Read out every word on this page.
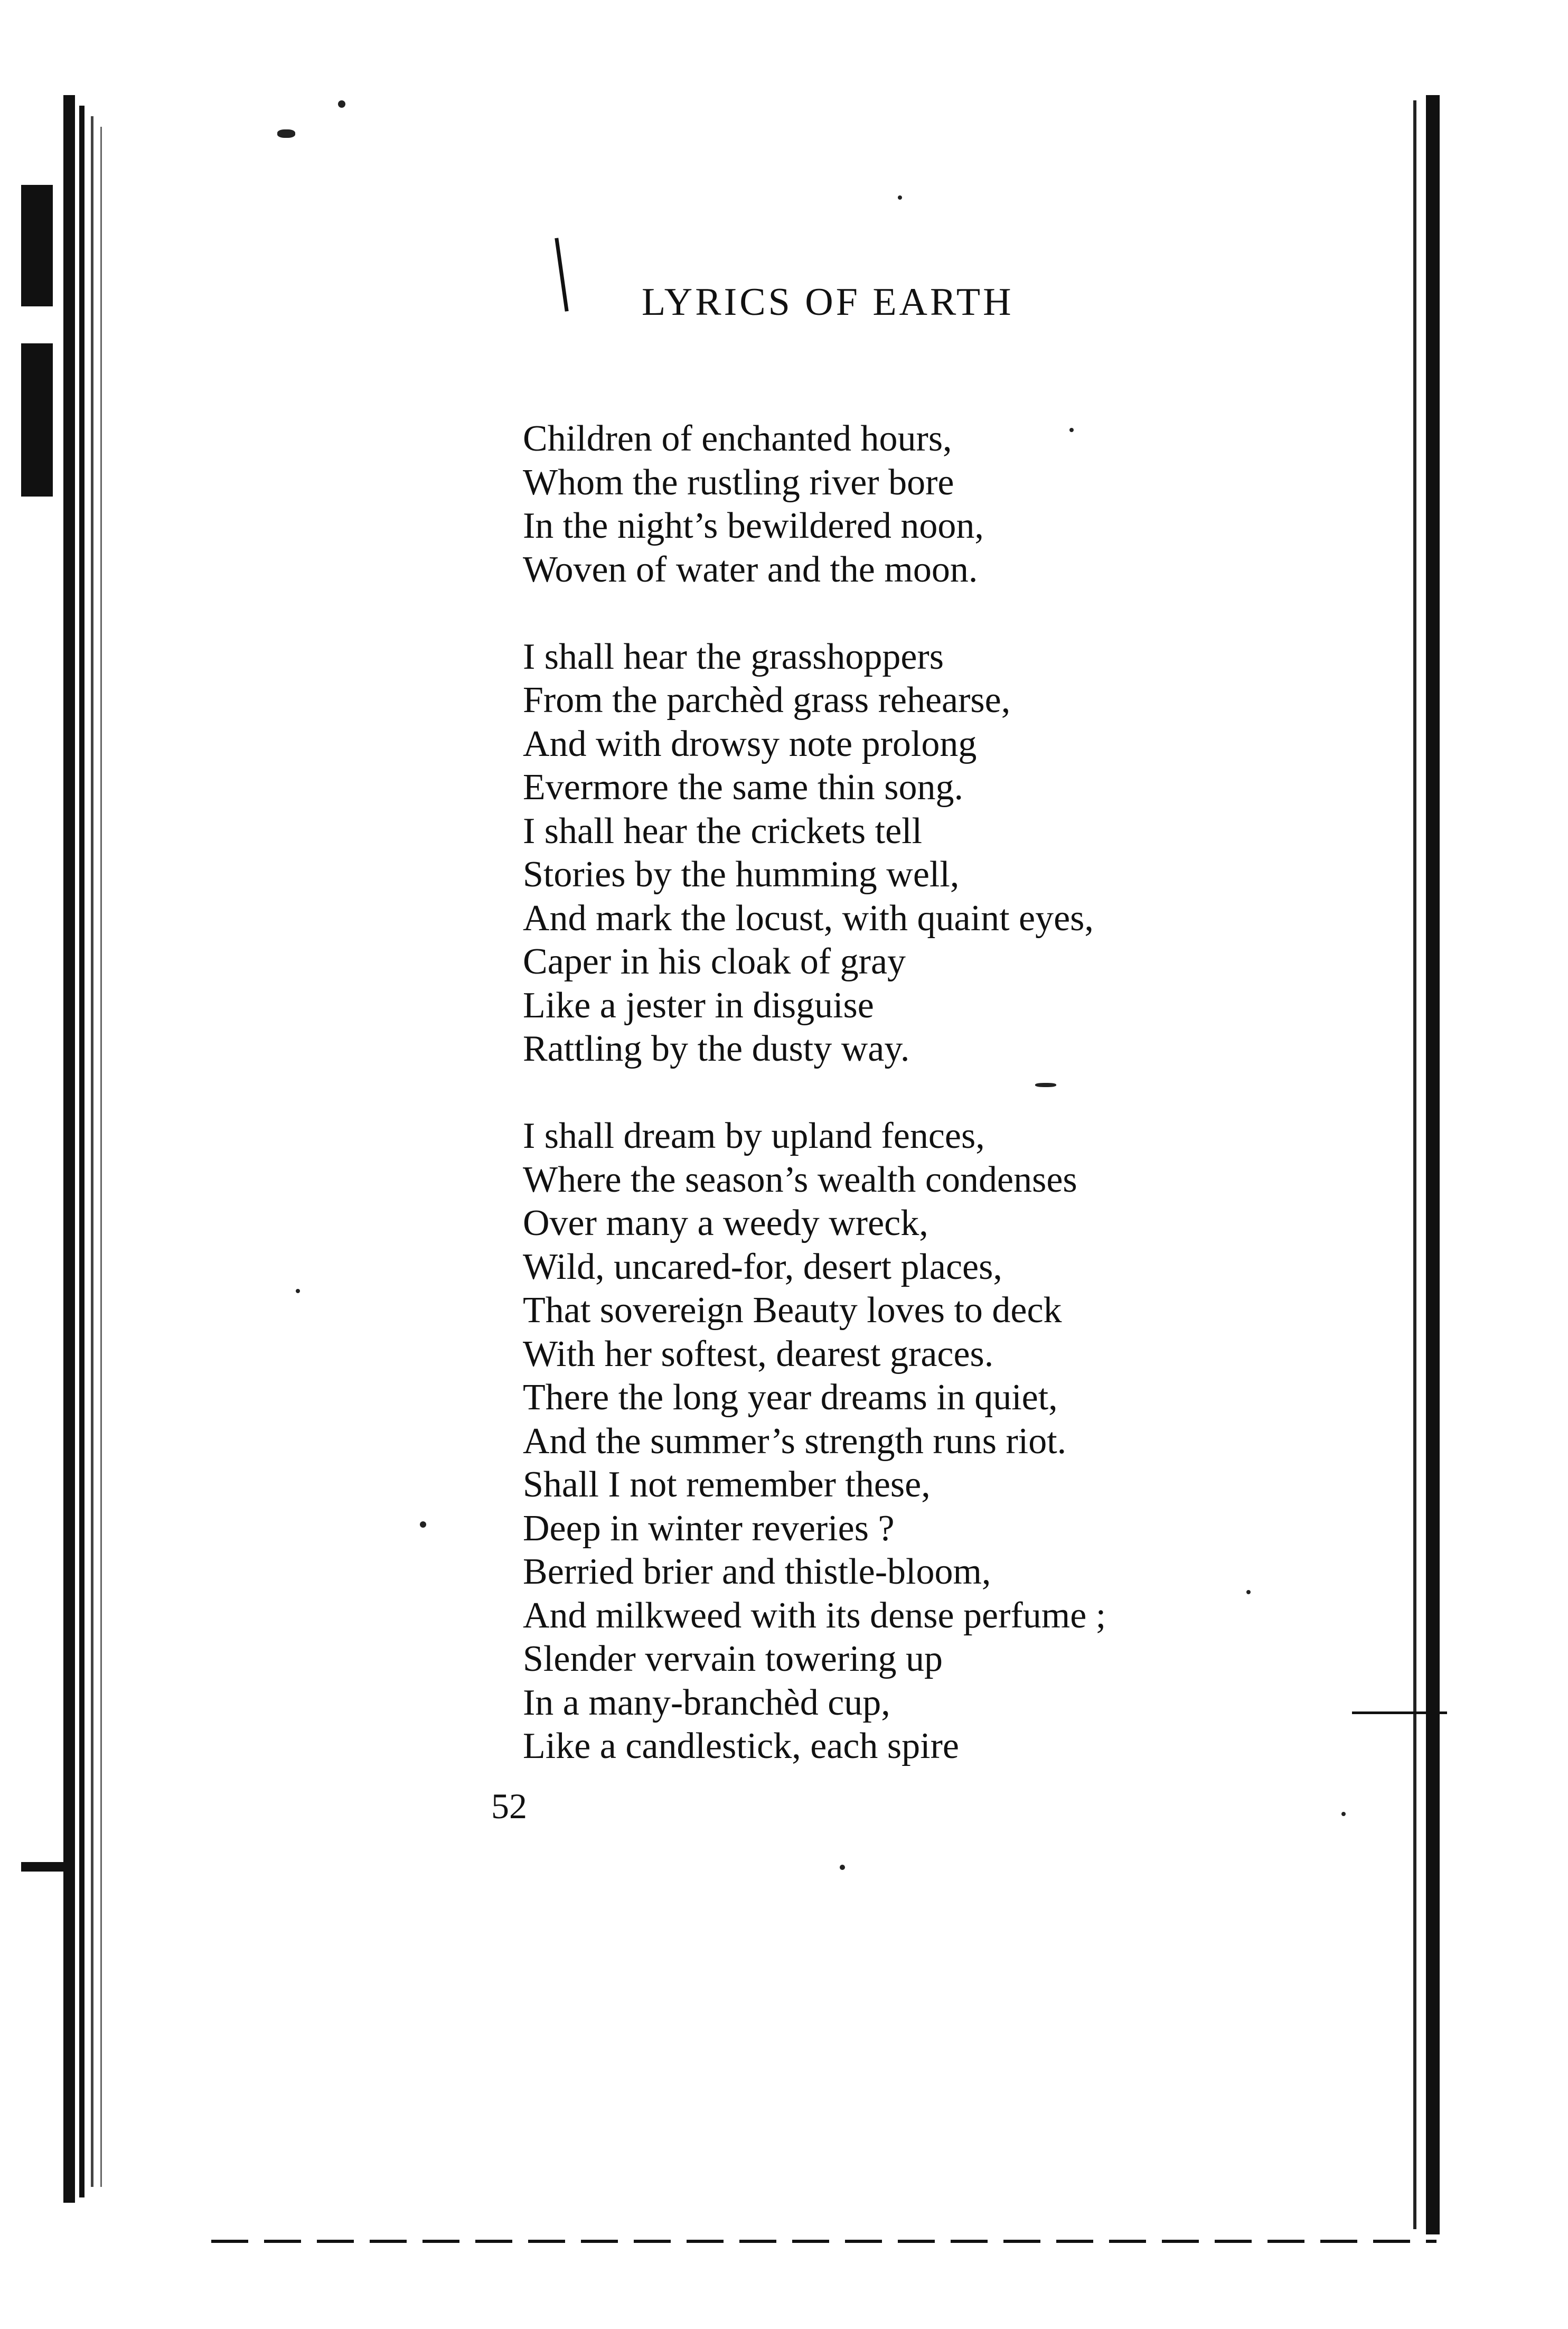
LYRICS OF EARTH
Children of enchanted hours,
Whom the rustling river bore
In the night’s bewildered noon,
Woven of water and the moon.
I shall hear the grasshoppers
From the parchèd grass rehearse,
And with drowsy note prolong
Evermore the same thin song.
I shall hear the crickets tell
Stories by the humming well,
And mark the locust, with quaint eyes,
Caper in his cloak of gray
Like a jester in disguise
Rattling by the dusty way.
I shall dream by upland fences,
Where the season’s wealth condenses
Over many a weedy wreck,
Wild, uncared-for, desert places,
That sovereign Beauty loves to deck
With her softest, dearest graces.
There the long year dreams in quiet,
And the summer’s strength runs riot.
Shall I not remember these,
Deep in winter reveries ?
Berried brier and thistle-bloom,
And milkweed with its dense perfume ;
Slender vervain towering up
In a many-branchèd cup,
Like a candlestick, each spire
52
